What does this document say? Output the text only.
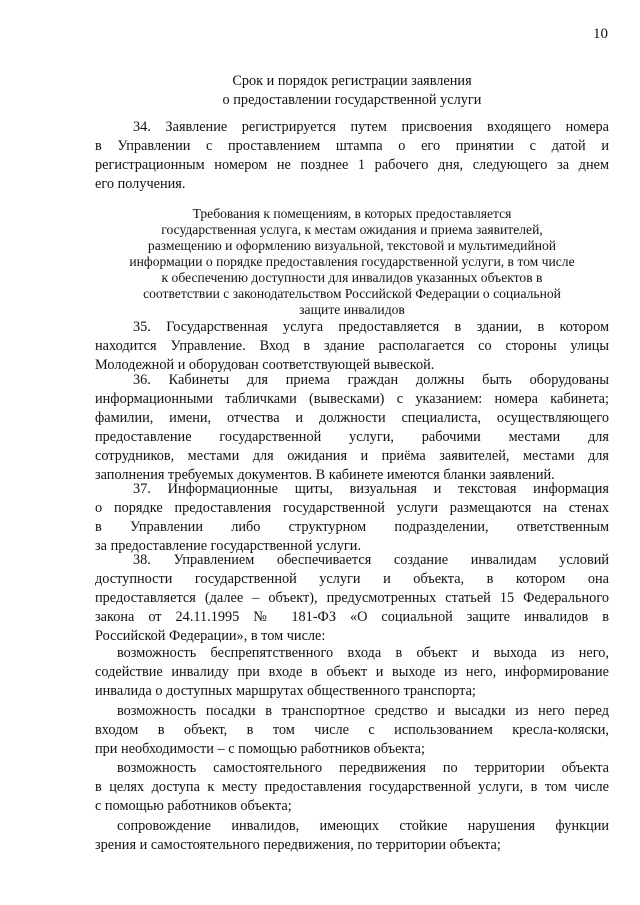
10
Срок и порядок регистрации заявления
о предоставлении государственной услуги
34. Заявление регистрируется путем присвоения входящего номера
в Управлении с проставлением штампа о его принятии с датой и
регистрационным номером не позднее 1 рабочего дня, следующего за днем
его получения.
Требования к помещениям, в которых предоставляется
государственная услуга, к местам ожидания и приема заявителей,
размещению и оформлению визуальной, текстовой и мультимедийной
информации о порядке предоставления государственной услуги, в том числе
к обеспечению доступности для инвалидов указанных объектов в
соответствии с законодательством Российской Федерации о социальной
защите инвалидов
35. Государственная услуга предоставляется в здании, в котором
находится Управление. Вход в здание располагается со стороны улицы
Молодежной и оборудован соответствующей вывеской.
36. Кабинеты для приема граждан должны быть оборудованы
информационными табличками (вывесками) с указанием: номера кабинета;
фамилии, имени, отчества и должности специалиста, осуществляющего
предоставление государственной услуги, рабочими местами для
сотрудников, местами для ожидания и приёма заявителей, местами для
заполнения требуемых документов. В кабинете имеются бланки заявлений.
37. Информационные щиты, визуальная и текстовая информация
о порядке предоставления государственной услуги размещаются на стенах
в Управлении либо структурном подразделении, ответственным
за предоставление государственной услуги.
38. Управлением обеспечивается создание инвалидам условий
доступности государственной услуги и объекта, в котором она
предоставляется (далее – объект), предусмотренных статьей 15 Федерального
закона от 24.11.1995 № 181-ФЗ «О социальной защите инвалидов в
Российской Федерации», в том числе:
возможность беспрепятственного входа в объект и выхода из него,
содействие инвалиду при входе в объект и выходе из него, информирование
инвалида о доступных маршрутах общественного транспорта;
возможность посадки в транспортное средство и высадки из него перед
входом в объект, в том числе с использованием кресла-коляски,
при необходимости – с помощью работников объекта;
возможность самостоятельного передвижения по территории объекта
в целях доступа к месту предоставления государственной услуги, в том числе
с помощью работников объекта;
сопровождение инвалидов, имеющих стойкие нарушения функции
зрения и самостоятельного передвижения, по территории объекта;
